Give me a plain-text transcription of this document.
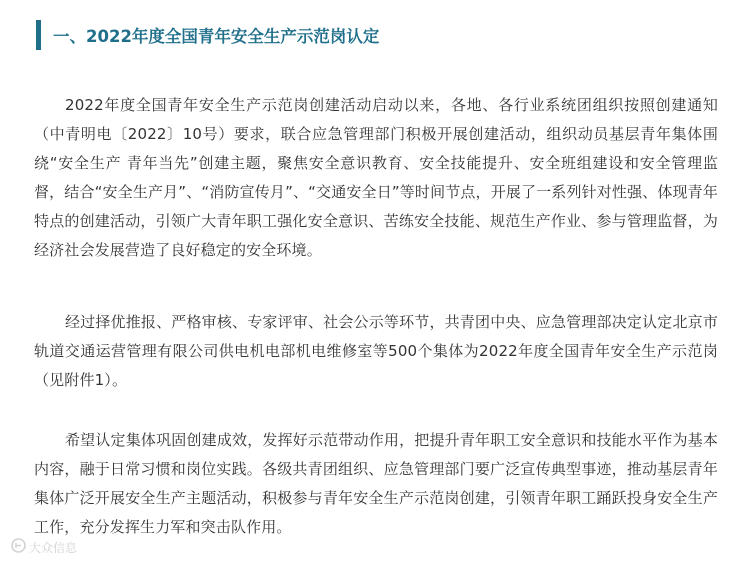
一、2022年度全国青年安全生产示范岗认定

2022年度全国青年安全生产示范岗创建活动启动以来，各地、各行业系统团组织按照创建通知（中青明电〔2022〕10号）要求，联合应急管理部门积极开展创建活动，组织动员基层青年集体围绕“安全生产 青年当先”创建主题，聚焦安全意识教育、安全技能提升、安全班组建设和安全管理监督，结合“安全生产月”、“消防宣传月”、“交通安全日”等时间节点，开展了一系列针对性强、体现青年特点的创建活动，引领广大青年职工强化安全意识、苦练安全技能、规范生产作业、参与管理监督，为经济社会发展营造了良好稳定的安全环境。

经过择优推报、严格审核、专家评审、社会公示等环节，共青团中央、应急管理部决定认定北京市轨道交通运营管理有限公司供电机电部机电维修室等500个集体为2022年度全国青年安全生产示范岗（见附件1）。

希望认定集体巩固创建成效，发挥好示范带动作用，把提升青年职工安全意识和技能水平作为基本内容，融于日常习惯和岗位实践。各级共青团组织、应急管理部门要广泛宣传典型事迹，推动基层青年集体广泛开展安全生产主题活动，积极参与青年安全生产示范岗创建，引领青年职工踊跃投身安全生产工作，充分发挥生力军和突击队作用。

大众信息
